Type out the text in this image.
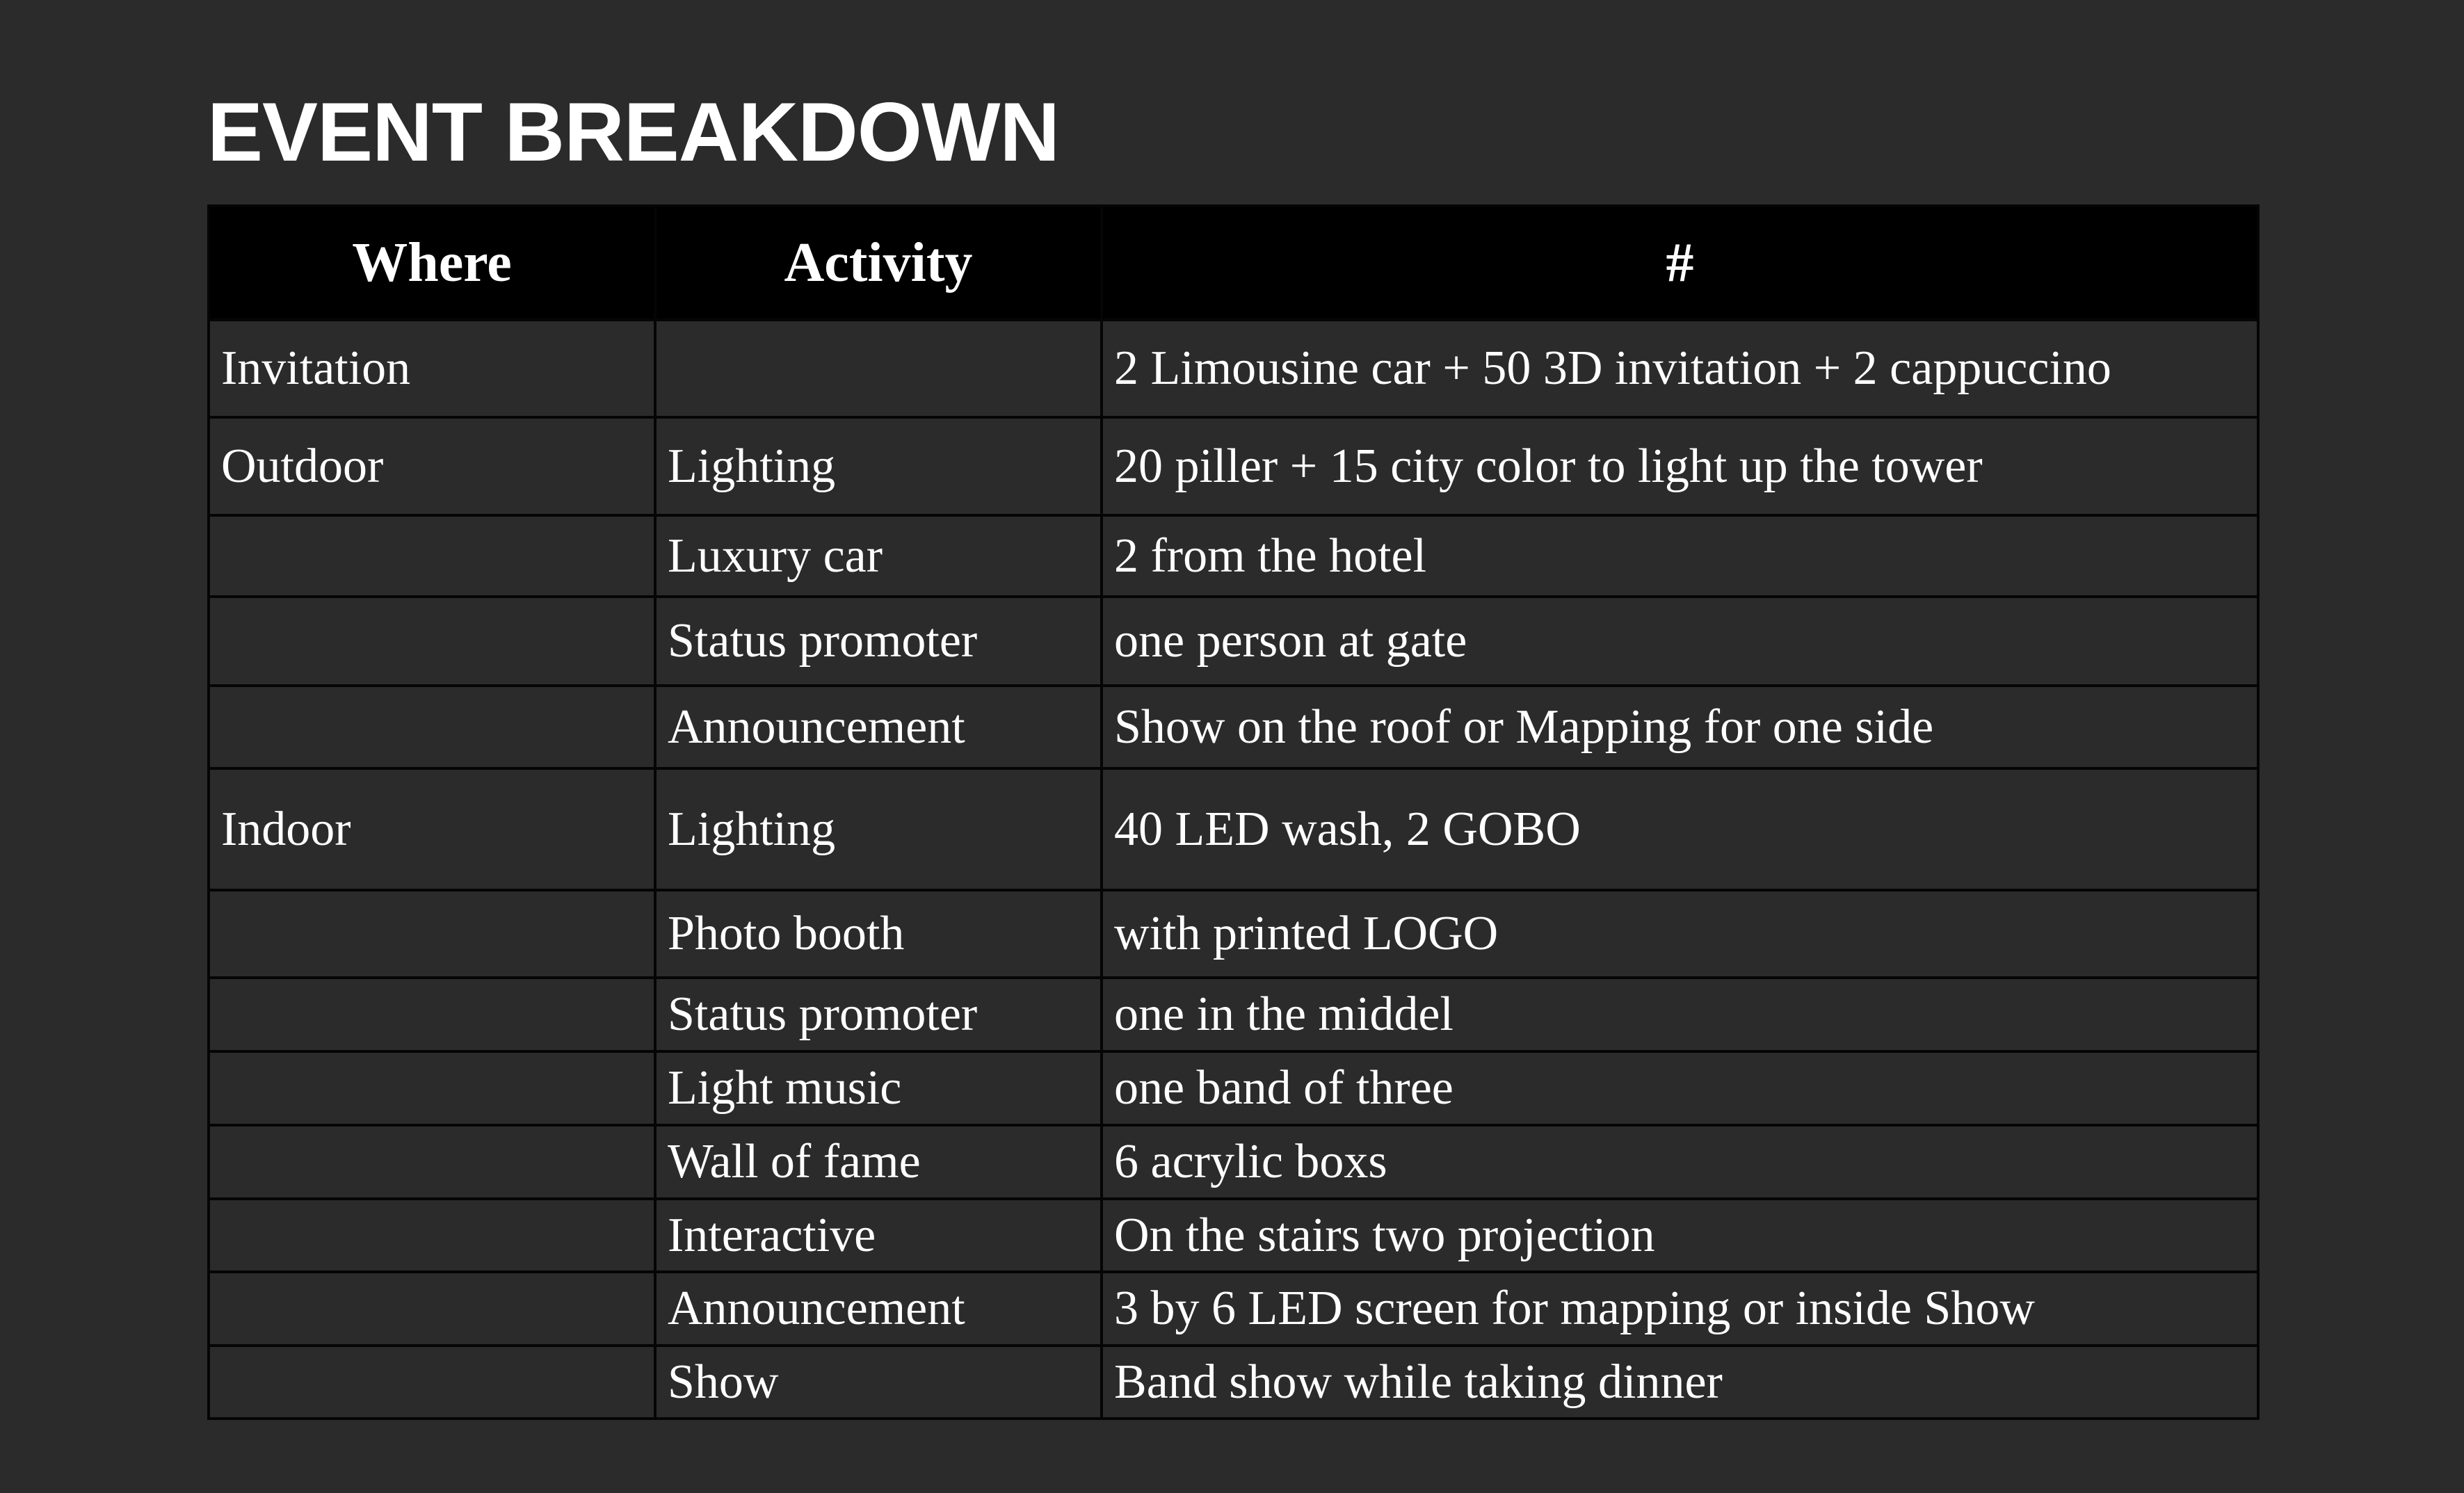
EVENT BREAKDOWN
Where	Activity	#
Invitation		2 Limousine car + 50 3D invitation + 2 cappuccino
Outdoor	Lighting	20 piller + 15 city color to light up the tower
	Luxury car	2 from the hotel
	Status promoter	one person at gate
	Announcement	Show on the roof or Mapping for one side
Indoor	Lighting	40 LED wash, 2 GOBO
	Photo booth	with printed LOGO
	Status promoter	one in the middel
	Light music	one band of three
	Wall of fame	6 acrylic boxs
	Interactive	On the stairs two projection
	Announcement	3 by 6 LED screen for mapping or inside Show
	Show	Band show while taking dinner
